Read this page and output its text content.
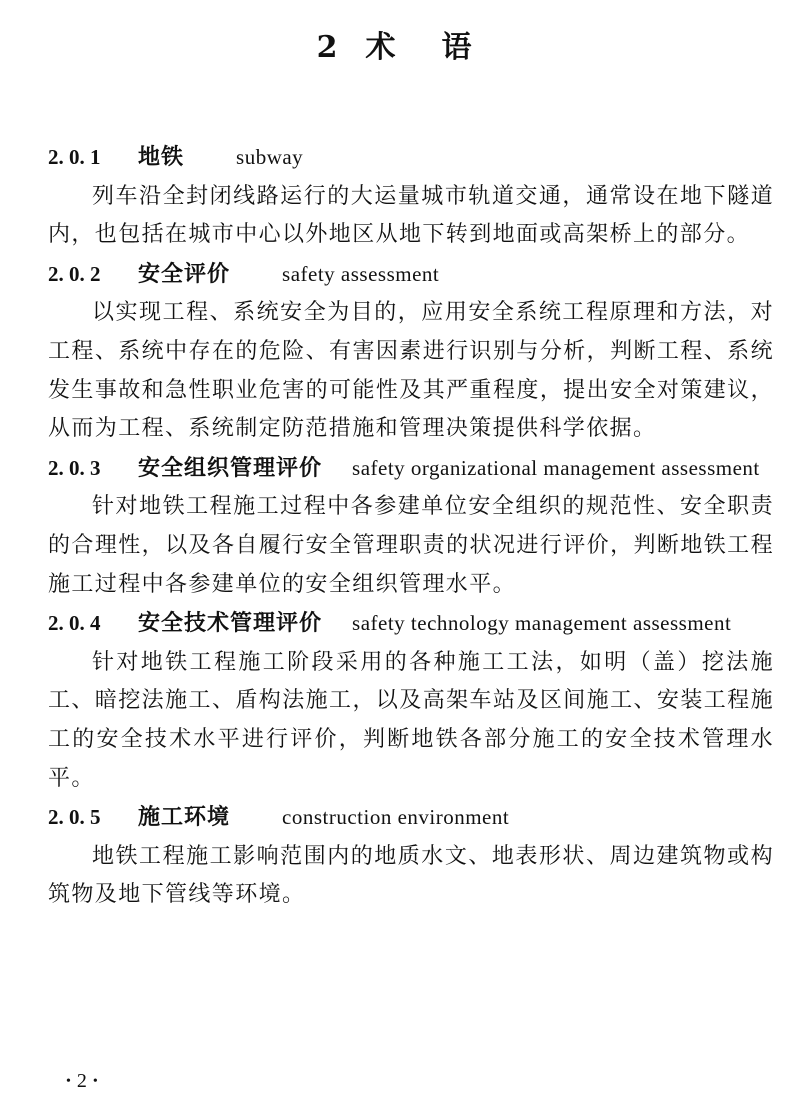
2 术 语
2. 0. 1 地铁 subway
列车沿全封闭线路运行的大运量城市轨道交通，通常设在地下隧道内，也包括在城市中心以外地区从地下转到地面或高架桥上的部分。
2. 0. 2 安全评价 safety assessment
以实现工程、系统安全为目的，应用安全系统工程原理和方法，对工程、系统中存在的危险、有害因素进行识别与分析，判断工程、系统发生事故和急性职业危害的可能性及其严重程度，提出安全对策建议，从而为工程、系统制定防范措施和管理决策提供科学依据。
2. 0. 3 安全组织管理评价 safety organizational management assessment
针对地铁工程施工过程中各参建单位安全组织的规范性、安全职责的合理性，以及各自履行安全管理职责的状况进行评价，判断地铁工程施工过程中各参建单位的安全组织管理水平。
2. 0. 4 安全技术管理评价 safety technology management assessment
针对地铁工程施工阶段采用的各种施工工法，如明（盖）挖法施工、暗挖法施工、盾构法施工，以及高架车站及区间施工、安装工程施工的安全技术水平进行评价，判断地铁各部分施工的安全技术管理水平。
2. 0. 5 施工环境 construction environment
地铁工程施工影响范围内的地质水文、地表形状、周边建筑物或构筑物及地下管线等环境。
• 2 •
